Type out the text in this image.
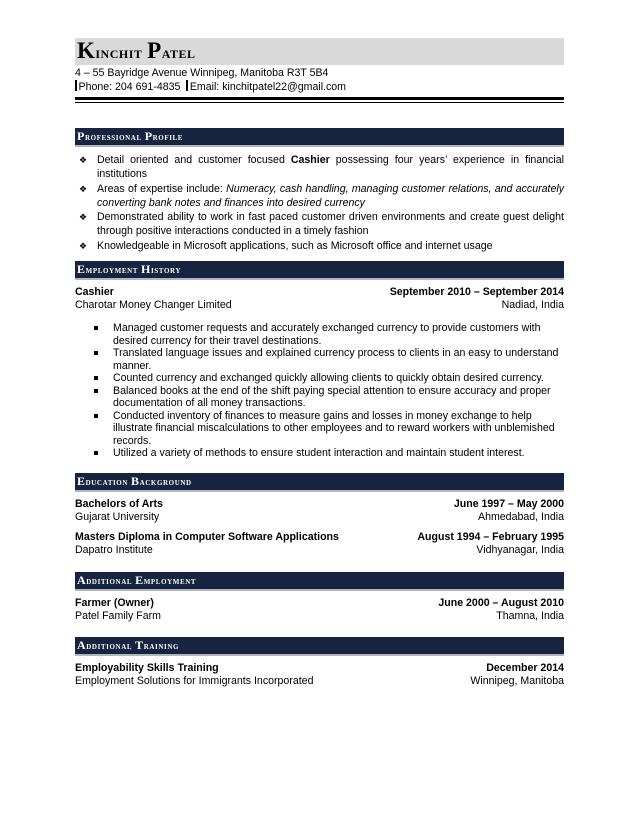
Kinchit Patel
4 – 55 Bayridge Avenue Winnipeg, Manitoba R3T 5B4
Phone: 204 691-4835 Email: kinchitpatel22@gmail.com
Professional Profile
❖ Detail oriented and customer focused Cashier possessing four years’ experience in financial institutions
❖ Areas of expertise include: Numeracy, cash handling, managing customer relations, and accurately converting bank notes and finances into desired currency
❖ Demonstrated ability to work in fast paced customer driven environments and create guest delight through positive interactions conducted in a timely fashion
❖ Knowledgeable in Microsoft applications, such as Microsoft office and internet usage
Employment History
Cashier	September 2010 – September 2014
Charotar Money Changer Limited	Nadiad, India
Managed customer requests and accurately exchanged currency to provide customers with desired currency for their travel destinations.
Translated language issues and explained currency process to clients in an easy to understand manner.
Counted currency and exchanged quickly allowing clients to quickly obtain desired currency.
Balanced books at the end of the shift paying special attention to ensure accuracy and proper documentation of all money transactions.
Conducted inventory of finances to measure gains and losses in money exchange to help illustrate financial miscalculations to other employees and to reward workers with unblemished records.
Utilized a variety of methods to ensure student interaction and maintain student interest.
Education Background
Bachelors of Arts	June 1997 – May 2000
Gujarat University	Ahmedabad, India
Masters Diploma in Computer Software Applications	August 1994 – February 1995
Dapatro Institute	Vidhyanagar, India
Additional Employment
Farmer (Owner)	June 2000 – August 2010
Patel Family Farm	Thamna, India
Additional Training
Employability Skills Training	December 2014
Employment Solutions for Immigrants Incorporated	Winnipeg, Manitoba
